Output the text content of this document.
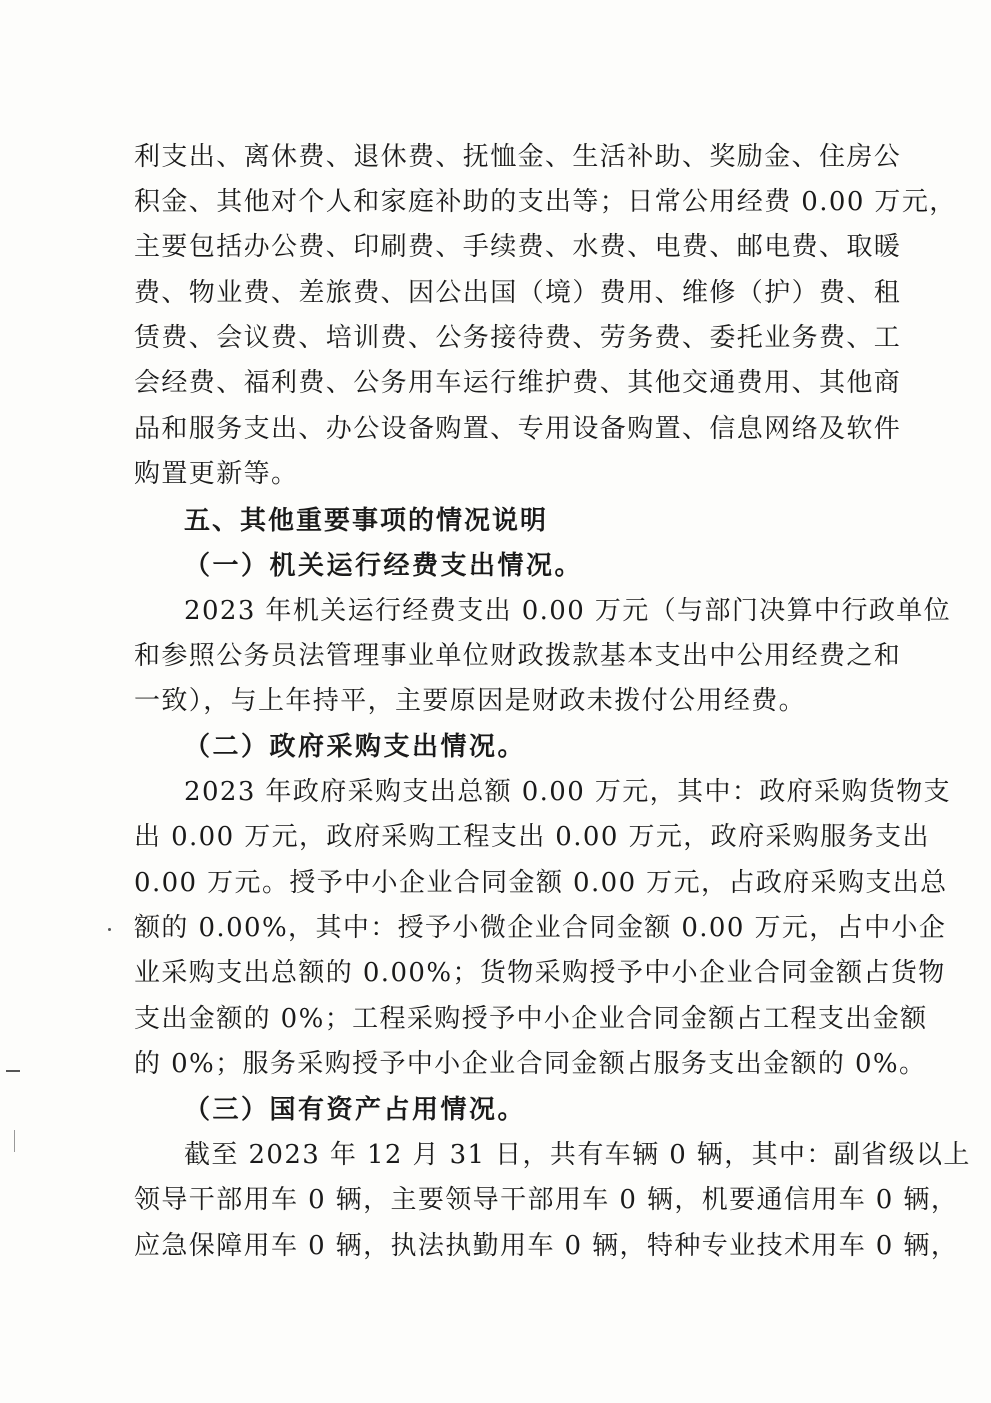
利支出、离休费、退休费、抚恤金、生活补助、奖励金、住房公
积金、其他对个人和家庭补助的支出等；日常公用经费 0.00 万元，
主要包括办公费、印刷费、手续费、水费、电费、邮电费、取暖
费、物业费、差旅费、因公出国（境）费用、维修（护）费、租
赁费、会议费、培训费、公务接待费、劳务费、委托业务费、工
会经费、福利费、公务用车运行维护费、其他交通费用、其他商
品和服务支出、办公设备购置、专用设备购置、信息网络及软件
购置更新等。
五、其他重要事项的情况说明
（一）机关运行经费支出情况。
2023 年机关运行经费支出 0.00 万元（与部门决算中行政单位
和参照公务员法管理事业单位财政拨款基本支出中公用经费之和
一致），与上年持平，主要原因是财政未拨付公用经费。
（二）政府采购支出情况。
2023 年政府采购支出总额 0.00 万元，其中：政府采购货物支
出 0.00 万元，政府采购工程支出 0.00 万元，政府采购服务支出
0.00 万元。授予中小企业合同金额 0.00 万元，占政府采购支出总
额的 0.00%，其中：授予小微企业合同金额 0.00 万元，占中小企
业采购支出总额的 0.00%；货物采购授予中小企业合同金额占货物
支出金额的 0%；工程采购授予中小企业合同金额占工程支出金额
的 0%；服务采购授予中小企业合同金额占服务支出金额的 0%。
（三）国有资产占用情况。
截至 2023 年 12 月 31 日，共有车辆 0 辆，其中：副省级以上
领导干部用车 0 辆，主要领导干部用车 0 辆，机要通信用车 0 辆，
应急保障用车 0 辆，执法执勤用车 0 辆，特种专业技术用车 0 辆，
